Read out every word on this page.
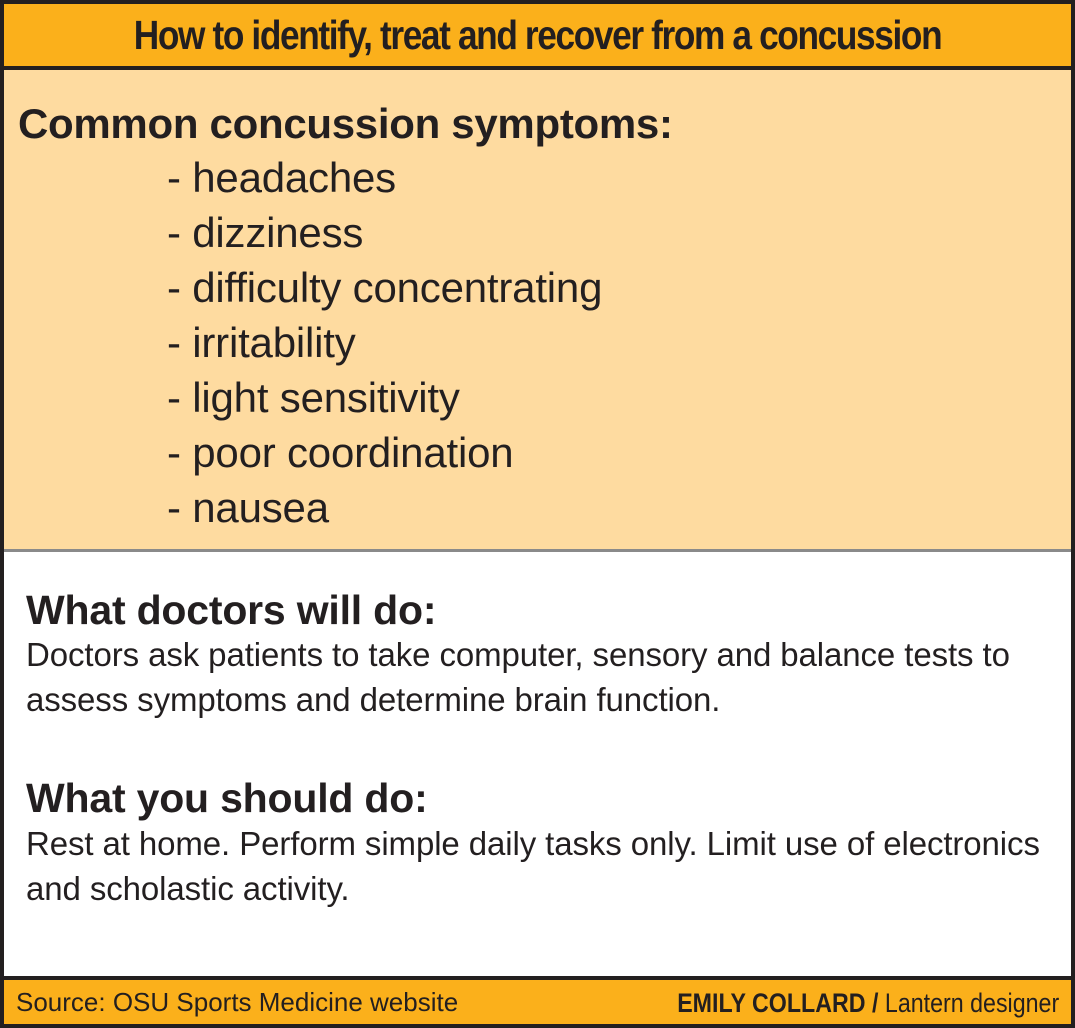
How to identify, treat and recover from a concussion
Common concussion symptoms:
- headaches
- dizziness
- difficulty concentrating
- irritability
- light sensitivity
- poor coordination
- nausea
What doctors will do:
Doctors ask patients to take computer, sensory and balance tests to assess symptoms and determine brain function.
What you should do:
Rest at home. Perform simple daily tasks only. Limit use of electronics and scholastic activity.
Source: OSU Sports Medicine website	EMILY COLLARD / Lantern designer
